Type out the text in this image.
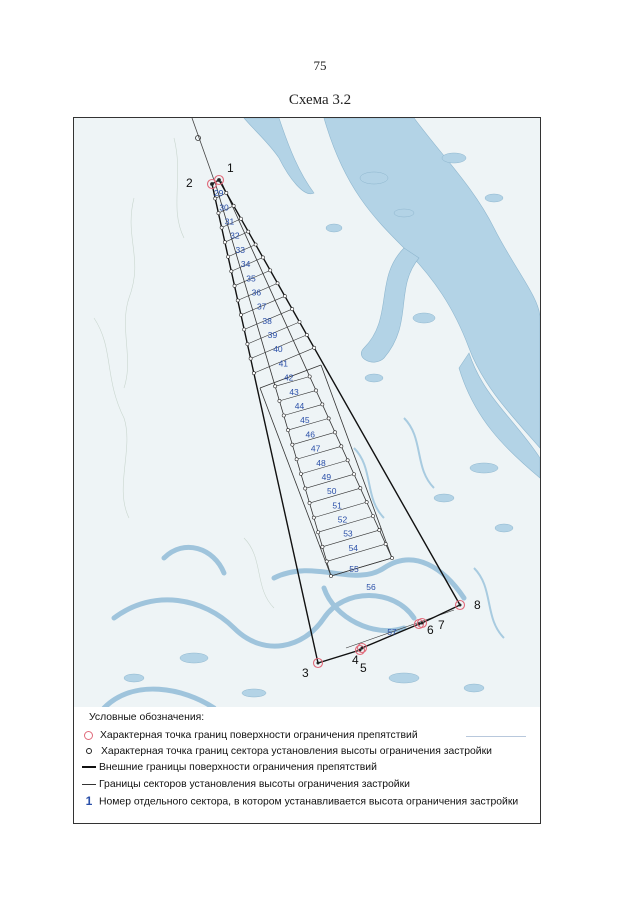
75
Схема 3.2
29
30
31
32
33
34
35
36
37
38
39
40
41
42
43
44
45
46
47
48
49
50
51
52
53
54
55
56
57
1
2
3
4
5
6 7
8
Условные обозначения:
Характерная точка границ поверхности ограничения препятствий
Характерная точка границ сектора установления высоты ограничения застройки
Внешние границы поверхности ограничения препятствий
Границы секторов установления высоты ограничения застройки
1 Номер отдельного сектора, в котором устанавливается высота ограничения застройки
